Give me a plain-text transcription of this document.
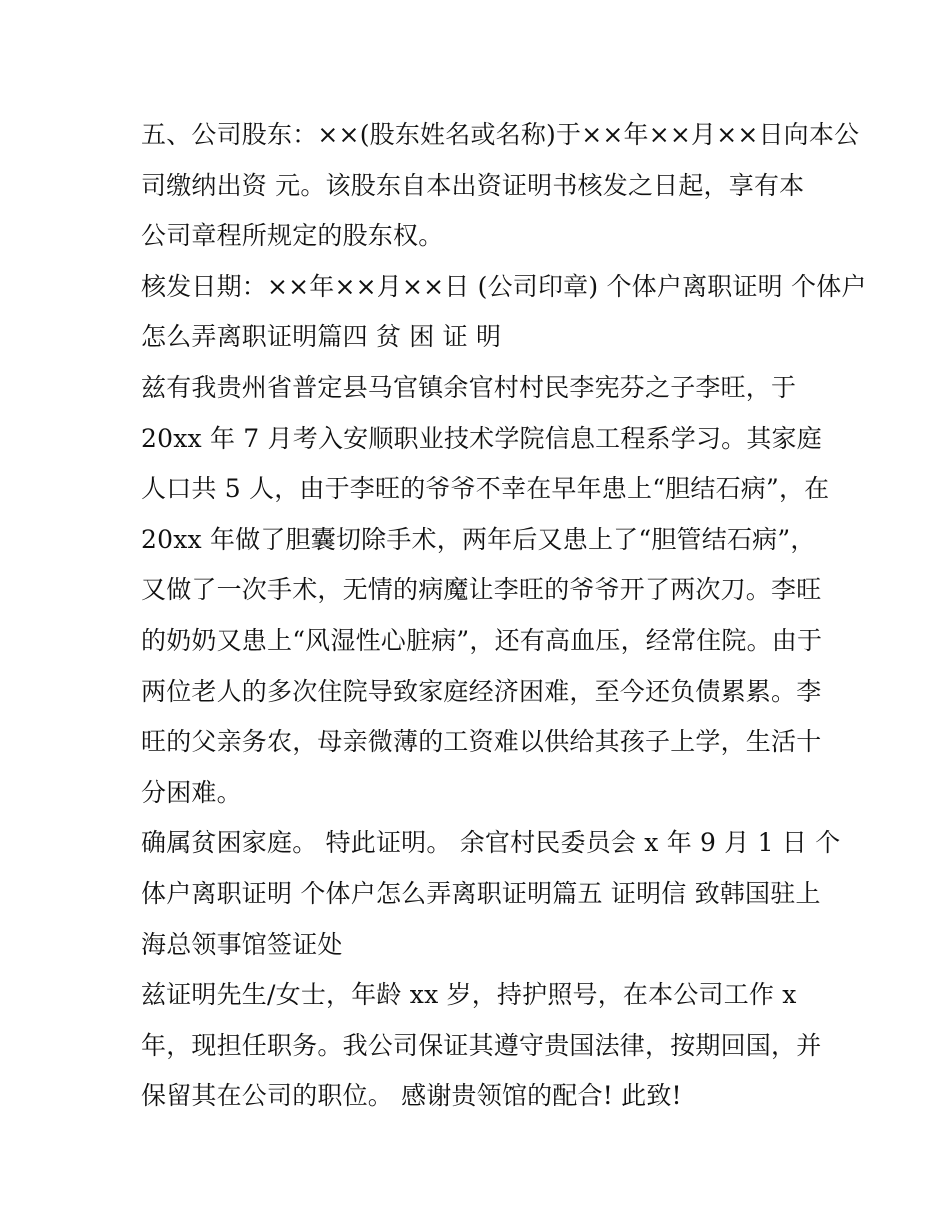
五、公司股东：××(股东姓名或名称)于××年××月××日向本公
司缴纳出资 元。该股东自本出资证明书核发之日起，享有本
公司章程所规定的股东权。
核发日期：××年××月××日 (公司印章) 个体户离职证明 个体户
怎么弄离职证明篇四 贫 困 证 明
兹有我贵州省普定县马官镇余官村村民李宪芬之子李旺，于
20xx 年 7 月考入安顺职业技术学院信息工程系学习。其家庭
人口共 5 人，由于李旺的爷爷不幸在早年患上“胆结石病”，在
20xx 年做了胆囊切除手术，两年后又患上了“胆管结石病”，
又做了一次手术，无情的病魔让李旺的爷爷开了两次刀。李旺
的奶奶又患上“风湿性心脏病”，还有高血压，经常住院。由于
两位老人的多次住院导致家庭经济困难，至今还负债累累。李
旺的父亲务农，母亲微薄的工资难以供给其孩子上学，生活十
分困难。
确属贫困家庭。 特此证明。 余官村民委员会 x 年 9 月 1 日 个
体户离职证明 个体户怎么弄离职证明篇五 证明信 致韩国驻上
海总领事馆签证处
兹证明先生/女士，年龄 xx 岁，持护照号，在本公司工作 x
年，现担任职务。我公司保证其遵守贵国法律，按期回国，并
保留其在公司的职位。 感谢贵领馆的配合! 此致!
